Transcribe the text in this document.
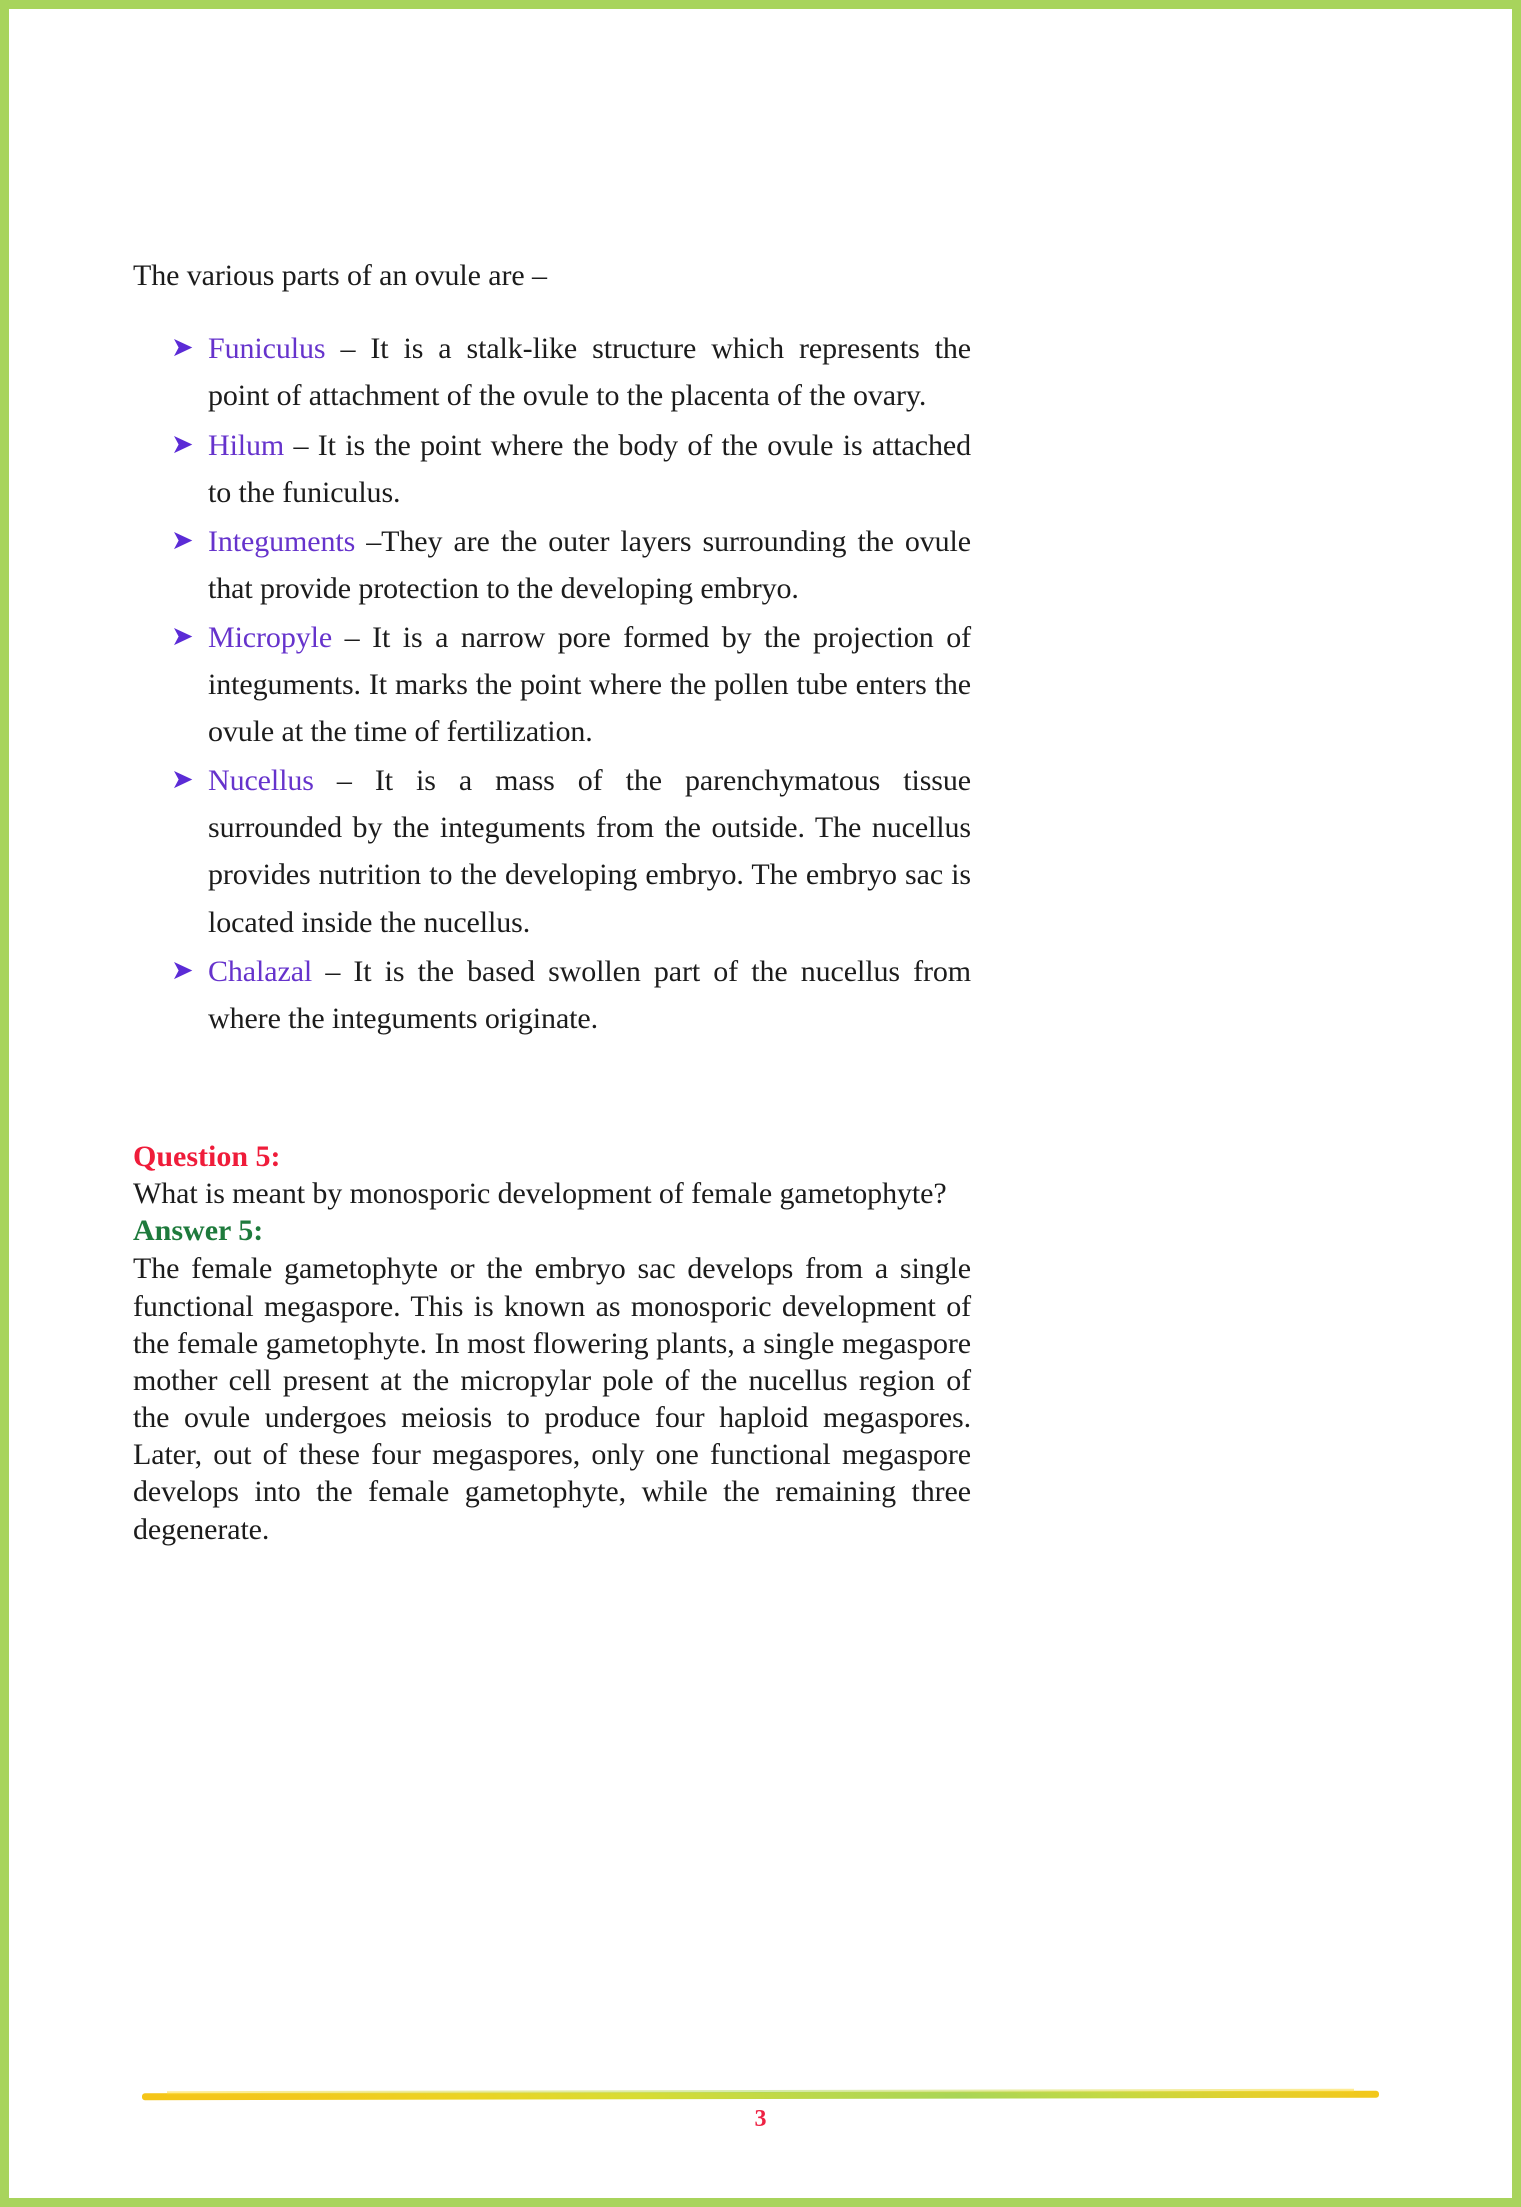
The various parts of an ovule are –

➤ Funiculus – It is a stalk-like structure which represents the point of attachment of the ovule to the placenta of the ovary.
➤ Hilum – It is the point where the body of the ovule is attached to the funiculus.
➤ Integuments –They are the outer layers surrounding the ovule that provide protection to the developing embryo.
➤ Micropyle – It is a narrow pore formed by the projection of integuments. It marks the point where the pollen tube enters the ovule at the time of fertilization.
➤ Nucellus – It is a mass of the parenchymatous tissue surrounded by the integuments from the outside. The nucellus provides nutrition to the developing embryo. The embryo sac is located inside the nucellus.
➤ Chalazal – It is the based swollen part of the nucellus from where the integuments originate.
Question 5:
What is meant by monosporic development of female gametophyte?
Answer 5:
The female gametophyte or the embryo sac develops from a single functional megaspore. This is known as monosporic development of the female gametophyte. In most flowering plants, a single megaspore mother cell present at the micropylar pole of the nucellus region of the ovule undergoes meiosis to produce four haploid megaspores. Later, out of these four megaspores, only one functional megaspore develops into the female gametophyte, while the remaining three degenerate.
3
